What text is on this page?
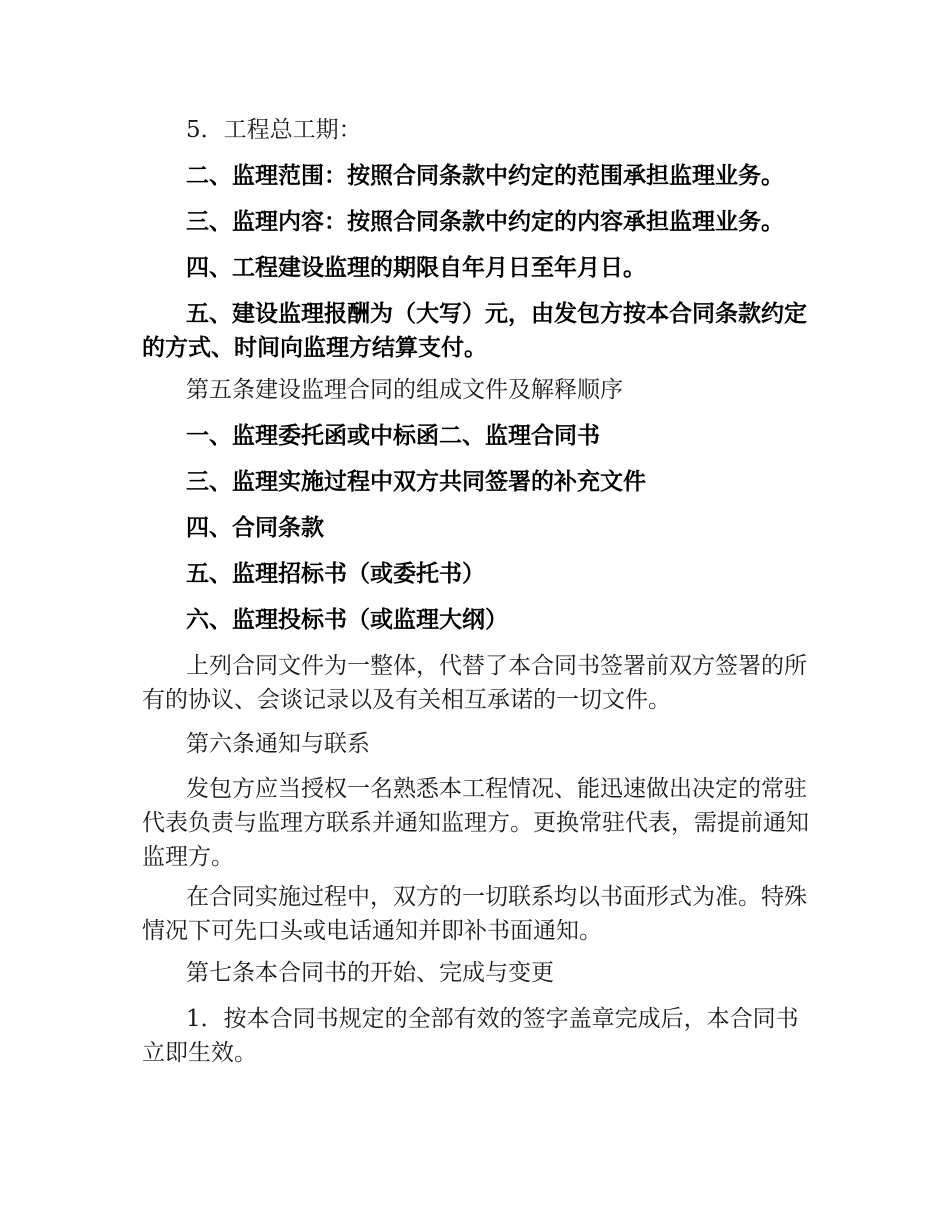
5．工程总工期：

二、监理范围：按照合同条款中约定的范围承担监理业务。

三、监理内容：按照合同条款中约定的内容承担监理业务。

四、工程建设监理的期限自年月日至年月日。

五、建设监理报酬为（大写）元，由发包方按本合同条款约定的方式、时间向监理方结算支付。

第五条建设监理合同的组成文件及解释顺序

一、监理委托函或中标函二、监理合同书

三、监理实施过程中双方共同签署的补充文件

四、合同条款

五、监理招标书（或委托书）

六、监理投标书（或监理大纲）

上列合同文件为一整体，代替了本合同书签署前双方签署的所有的协议、会谈记录以及有关相互承诺的一切文件。

第六条通知与联系

发包方应当授权一名熟悉本工程情况、能迅速做出决定的常驻代表负责与监理方联系并通知监理方。更换常驻代表，需提前通知监理方。

在合同实施过程中，双方的一切联系均以书面形式为准。特殊情况下可先口头或电话通知并即补书面通知。

第七条本合同书的开始、完成与变更

1．按本合同书规定的全部有效的签字盖章完成后，本合同书立即生效。
